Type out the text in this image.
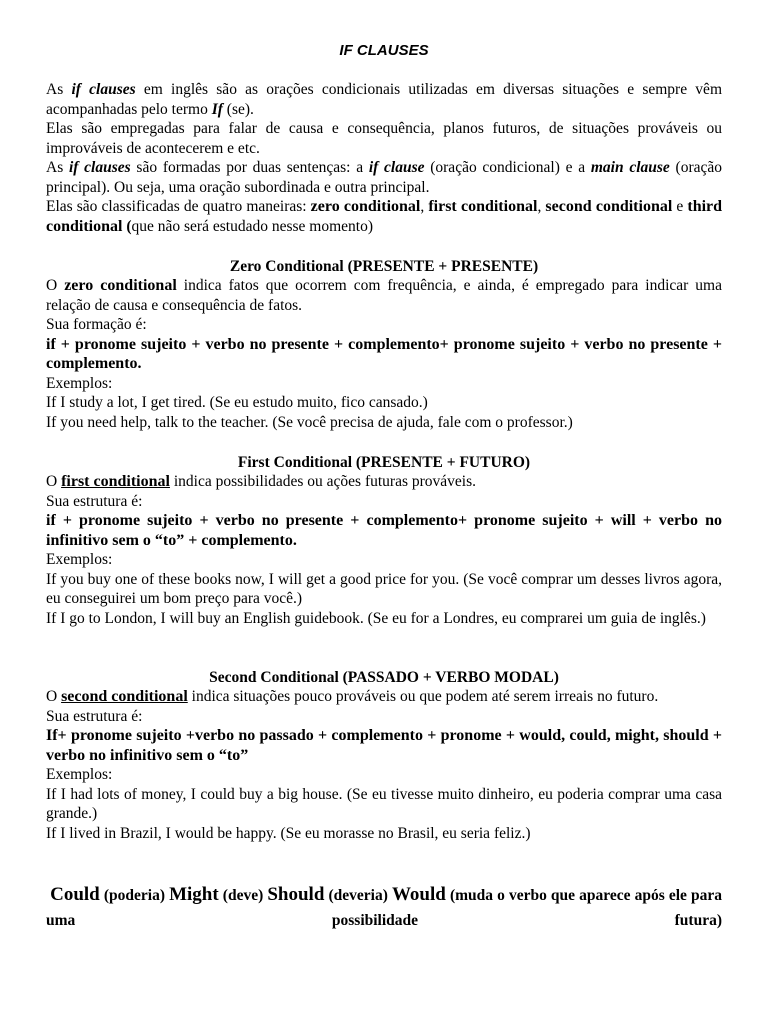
IF CLAUSES

As if clauses em inglês são as orações condicionais utilizadas em diversas situações e sempre vêm acompanhadas pelo termo If (se).

Elas são empregadas para falar de causa e consequência, planos futuros, de situações prováveis ou improváveis de acontecerem e etc.

As if clauses são formadas por duas sentenças: a if clause (oração condicional) e a main clause (oração principal). Ou seja, uma oração subordinada e outra principal.

Elas são classificadas de quatro maneiras: zero conditional, first conditional, second conditional e third conditional (que não será estudado nesse momento)

Zero Conditional (PRESENTE + PRESENTE)

O zero conditional indica fatos que ocorrem com frequência, e ainda, é empregado para indicar uma relação de causa e consequência de fatos.

Sua formação é:

if + pronome sujeito + verbo no presente + complemento+ pronome sujeito + verbo no presente + complemento.

Exemplos:

If I study a lot, I get tired. (Se eu estudo muito, fico cansado.)

If you need help, talk to the teacher. (Se você precisa de ajuda, fale com o professor.)

First Conditional (PRESENTE + FUTURO)

O first conditional indica possibilidades ou ações futuras prováveis.

Sua estrutura é:

if + pronome sujeito + verbo no presente + complemento+ pronome sujeito + will + verbo no infinitivo sem o “to” + complemento.

Exemplos:

If you buy one of these books now, I will get a good price for you. (Se você comprar um desses livros agora, eu conseguirei um bom preço para você.)

If I go to London, I will buy an English guidebook. (Se eu for a Londres, eu comprarei um guia de inglês.)

Second Conditional (PASSADO + VERBO MODAL)

O second conditional indica situações pouco prováveis ou que podem até serem irreais no futuro.

Sua estrutura é:

If+ pronome sujeito +verbo no passado + complemento + pronome + would, could, might, should + verbo no infinitivo sem o “to”

Exemplos:

If I had lots of money, I could buy a big house. (Se eu tivesse muito dinheiro, eu poderia comprar uma casa grande.)

If I lived in Brazil, I would be happy. (Se eu morasse no Brasil, eu seria feliz.)

Could (poderia) Might (deve) Should (deveria) Would (muda o verbo que aparece após ele para uma possibilidade futura)
